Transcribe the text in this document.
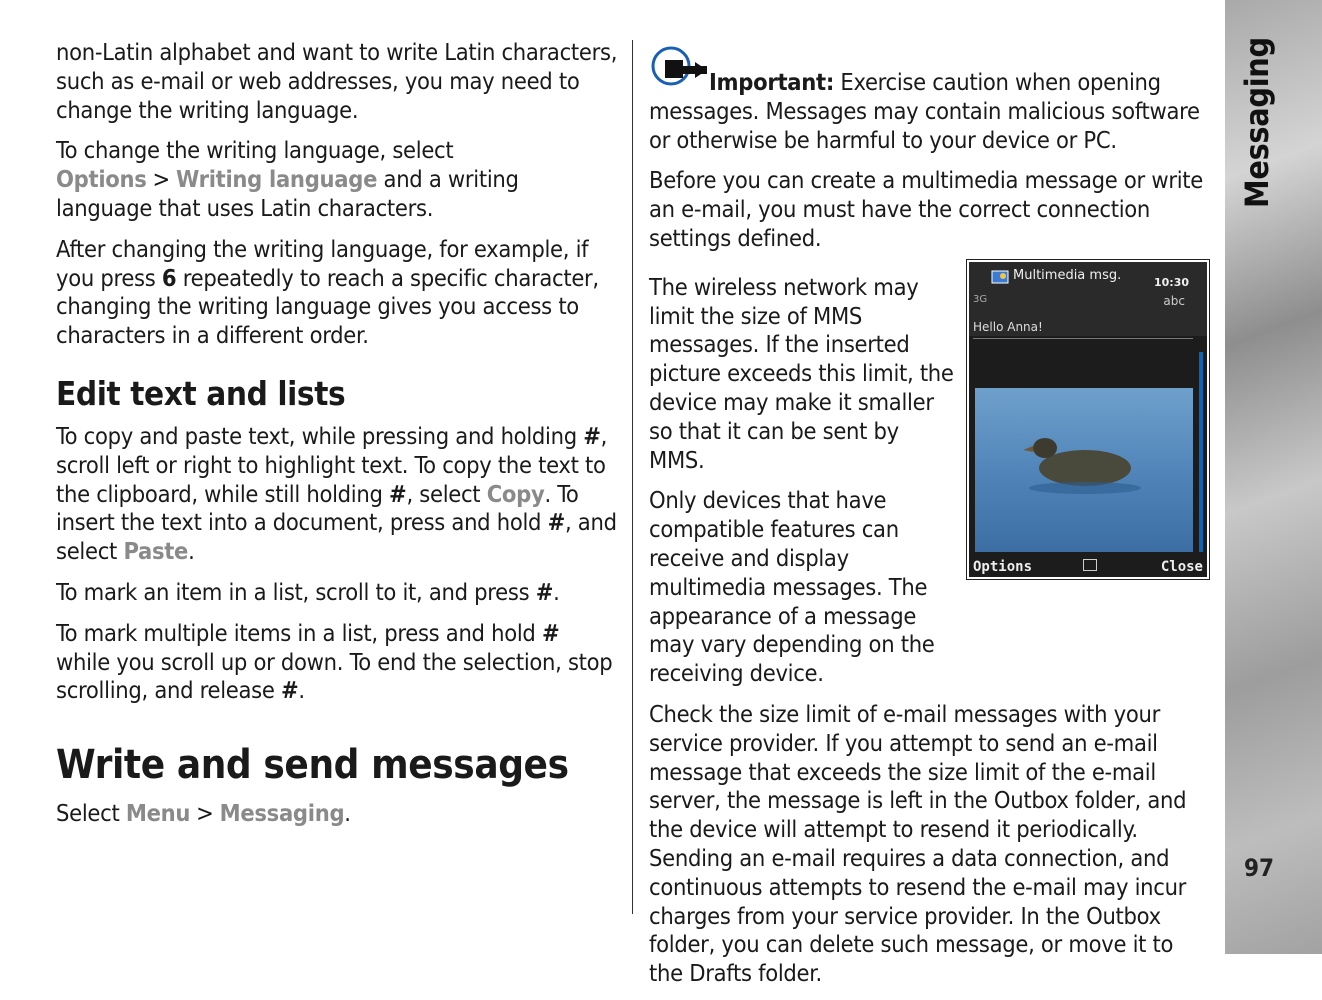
non-Latin alphabet and want to write Latin characters, such as e-mail or web addresses, you may need to change the writing language.

To change the writing language, select Options > Writing language and a writing language that uses Latin characters.

After changing the writing language, for example, if you press 6 repeatedly to reach a specific character, changing the writing language gives you access to characters in a different order.

Edit text and lists

To copy and paste text, while pressing and holding #, scroll left or right to highlight text. To copy the text to the clipboard, while still holding #, select Copy. To insert the text into a document, press and hold #, and select Paste.

To mark an item in a list, scroll to it, and press #.

To mark multiple items in a list, press and hold # while you scroll up or down. To end the selection, stop scrolling, and release #.

Write and send messages

Select Menu > Messaging.

Important: Exercise caution when opening messages. Messages may contain malicious software or otherwise be harmful to your device or PC.

Before you can create a multimedia message or write an e-mail, you must have the correct connection settings defined.

The wireless network may limit the size of MMS messages. If the inserted picture exceeds this limit, the device may make it smaller so that it can be sent by MMS.

Only devices that have compatible features can receive and display multimedia messages. The appearance of a message may vary depending on the receiving device.

Check the size limit of e-mail messages with your service provider. If you attempt to send an e-mail message that exceeds the size limit of the e-mail server, the message is left in the Outbox folder, and the device will attempt to resend it periodically. Sending an e-mail requires a data connection, and continuous attempts to resend the e-mail may incur charges from your service provider. In the Outbox folder, you can delete such message, or move it to the Drafts folder.

Multimedia msg.	10:30
3G	abc
Hello Anna!
Options	Close
Messaging
97
